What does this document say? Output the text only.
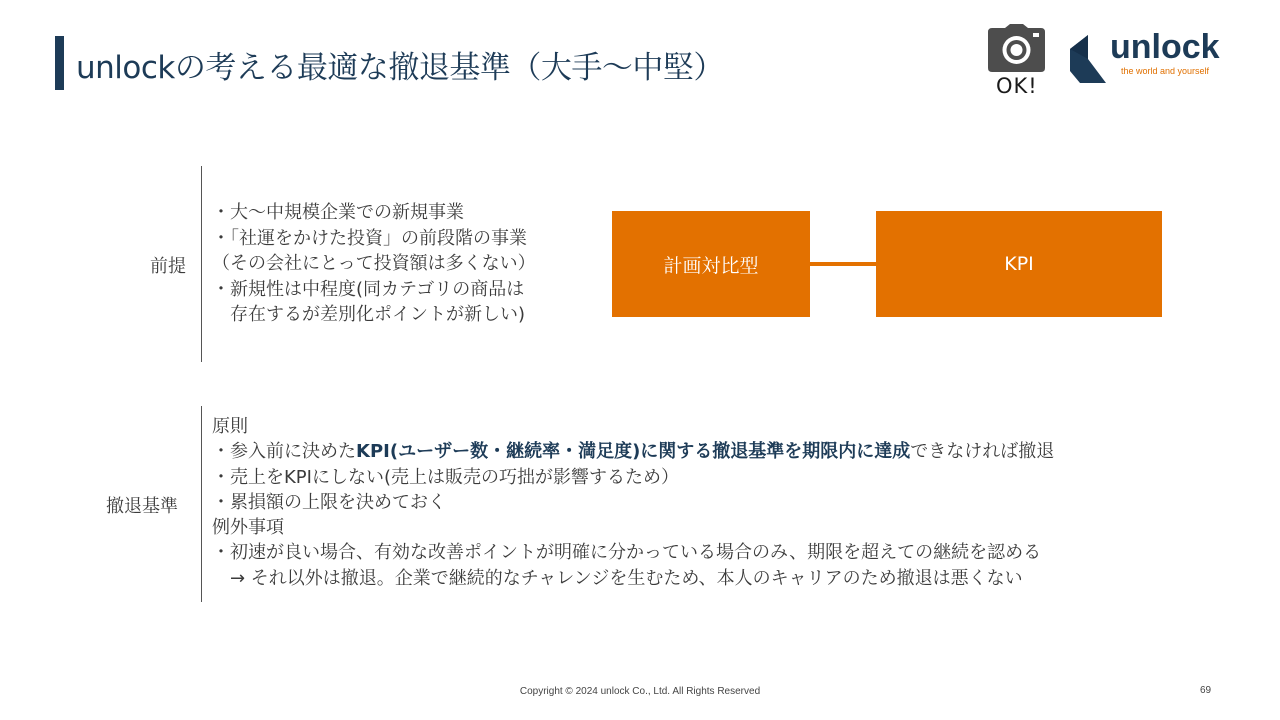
unlockの考える最適な撤退基準（大手〜中堅）	OK!
unlock
the world and yourself
前提
・大〜中規模企業での新規事業
・「社運をかけた投資」の前段階の事業
（その会社にとって投資額は多くない）
・新規性は中程度(同カテゴリの商品は
　存在するが差別化ポイントが新しい)
計画対比型	KPI
撤退基準
原則
・参入前に決めたKPI(ユーザー数・継続率・満足度)に関する撤退基準を期限内に達成できなければ撤退
・売上をKPIにしない(売上は販売の巧拙が影響するため）
・累損額の上限を決めておく
例外事項
・初速が良い場合、有効な改善ポイントが明確に分かっている場合のみ、期限を超えての継続を認める
　→ それ以外は撤退。企業で継続的なチャレンジを生むため、本人のキャリアのため撤退は悪くない
Copyright © 2024 unlock Co., Ltd. All Rights Reserved	69
